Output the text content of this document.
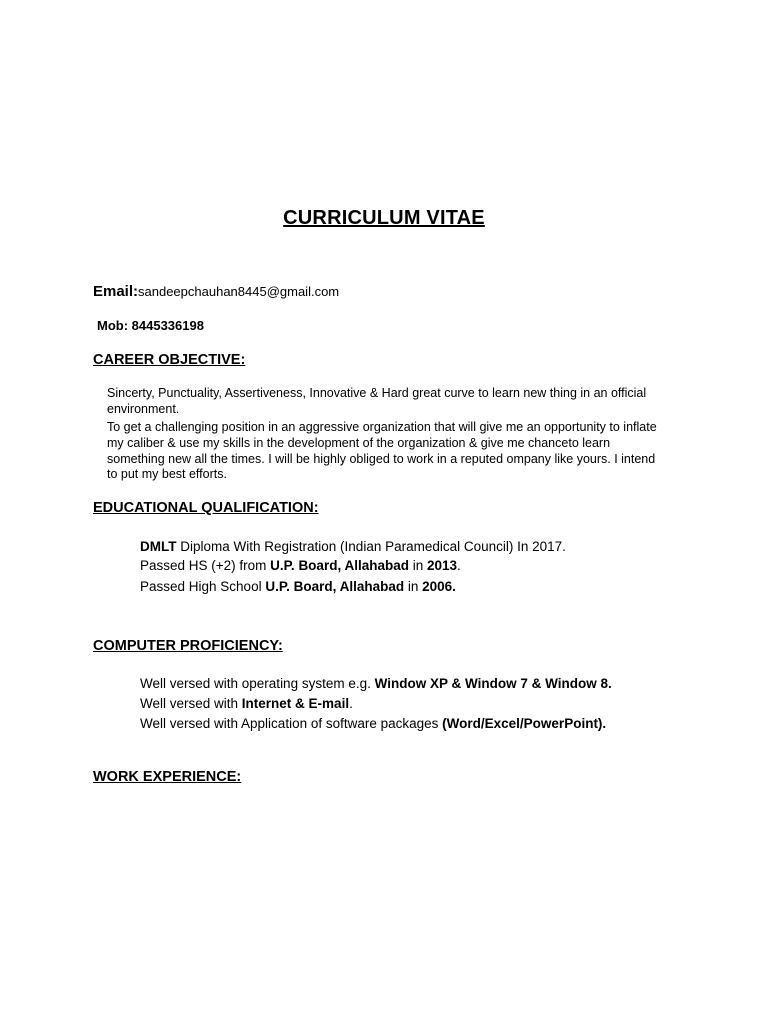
CURRICULUM VITAE
Email:sandeepchauhan8445@gmail.com
Mob: 8445336198
CAREER OBJECTIVE:
Sincerty, Punctuality, Assertiveness, Innovative & Hard great curve to learn new thing in an official environment.
To get a challenging position in an aggressive organization that will give me an opportunity to inflate my caliber & use my skills in the development of the organization & give me chanceto learn something new all the times. I will be highly obliged to work in a reputed ompany like yours. I intend to put my best efforts.
EDUCATIONAL QUALIFICATION:
DMLT Diploma With Registration (Indian Paramedical Council) In 2017.
Passed HS (+2) from U.P. Board, Allahabad in 2013.
Passed High School U.P. Board, Allahabad in 2006.
COMPUTER PROFICIENCY:
Well versed with operating system e.g. Window XP & Window 7 & Window 8.
Well versed with Internet & E-mail.
Well versed with Application of software packages (Word/Excel/PowerPoint).
WORK EXPERIENCE:
